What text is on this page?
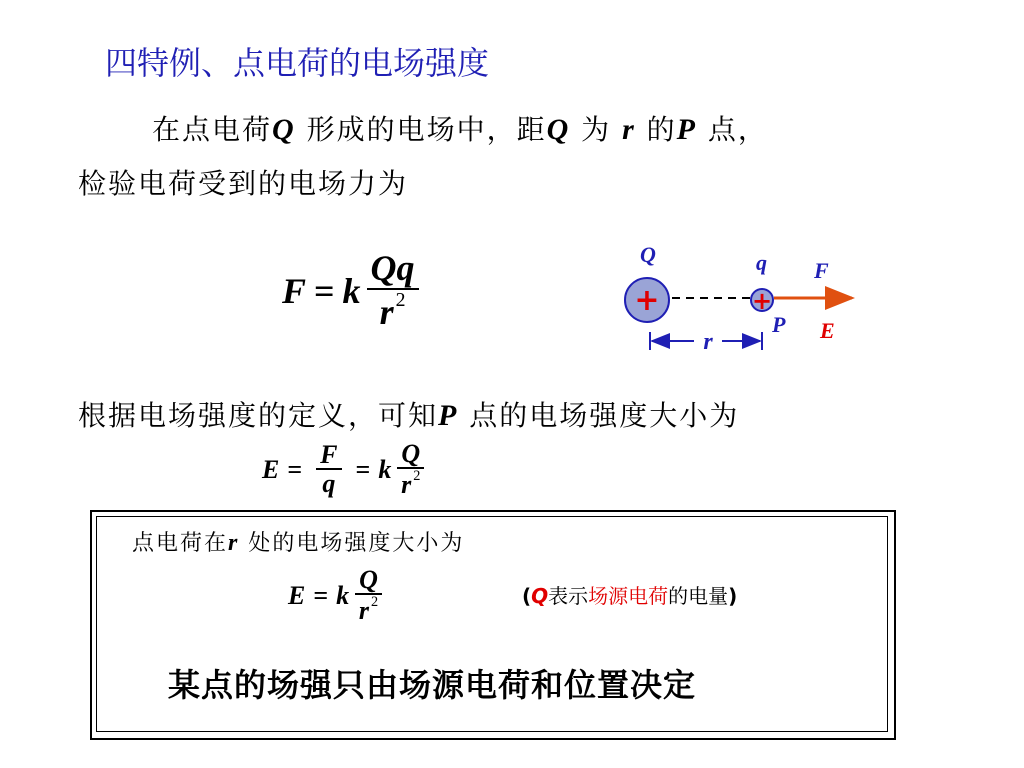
四特例、点电荷的电场强度
在点电荷Q 形成的电场中，距Q 为 r 的P 点，
检验电荷受到的电场力为
F = k $\frac{Qq}{r ^2}$	Q
+
q
+
F
P E
r
根据电场强度的定义，可知P 点的电场强度大小为
$E = \frac{F}{q} = k \frac{Q}{r ^2}$
点电荷在r 处的电场强度大小为
E = k $\frac{Q}{r ^2}$	(Q表示场源电荷的电量)
某点的场强只由场源电荷和位置决定
